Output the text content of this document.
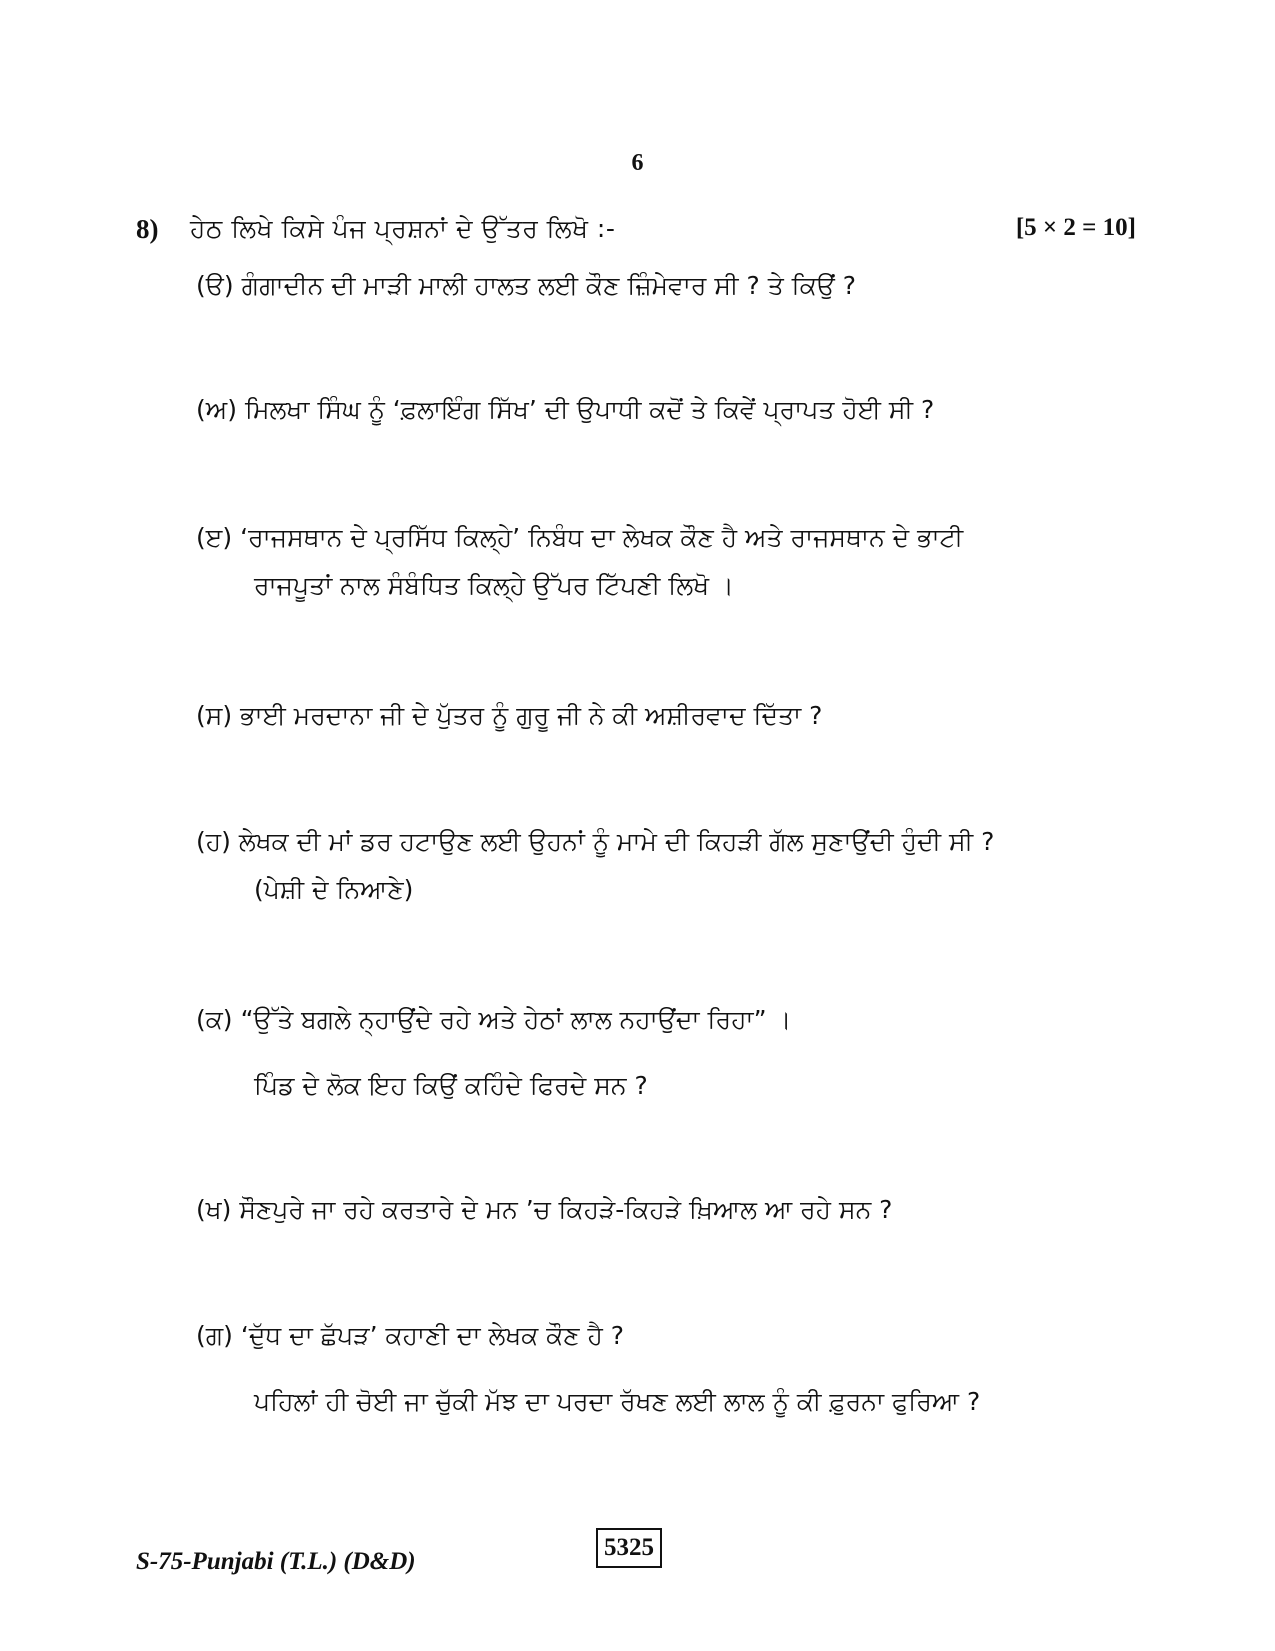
6
8) ਹੇਠ ਲਿਖੇ ਕਿਸੇ ਪੰਜ ਪ੍ਰਸ਼ਨਾਂ ਦੇ ਉੱਤਰ ਲਿਖੋ :-	[5 × 2 = 10]
(ੳ) ਗੰਗਾਦੀਨ ਦੀ ਮਾੜੀ ਮਾਲੀ ਹਾਲਤ ਲਈ ਕੌਣ ਜ਼ਿੰਮੇਵਾਰ ਸੀ ? ਤੇ ਕਿਉਂ ?
(ਅ) ਮਿਲਖਾ ਸਿੰਘ ਨੂੰ ‘ਫ਼ਲਾਇੰਗ ਸਿੱਖ’ ਦੀ ਉਪਾਧੀ ਕਦੋਂ ਤੇ ਕਿਵੇਂ ਪ੍ਰਾਪਤ ਹੋਈ ਸੀ ?
(ੲ) ‘ਰਾਜਸਥਾਨ ਦੇ ਪ੍ਰਸਿੱਧ ਕਿਲ੍ਹੇ’ ਨਿਬੰਧ ਦਾ ਲੇਖਕ ਕੌਣ ਹੈ ਅਤੇ ਰਾਜਸਥਾਨ ਦੇ ਭਾਟੀ
ਰਾਜਪੂਤਾਂ ਨਾਲ ਸੰਬੰਧਿਤ ਕਿਲ੍ਹੇ ਉੱਪਰ ਟਿੱਪਣੀ ਲਿਖੋ ।
(ਸ) ਭਾਈ ਮਰਦਾਨਾ ਜੀ ਦੇ ਪੁੱਤਰ ਨੂੰ ਗੁਰੂ ਜੀ ਨੇ ਕੀ ਅਸ਼ੀਰਵਾਦ ਦਿੱਤਾ ?
(ਹ) ਲੇਖਕ ਦੀ ਮਾਂ ਡਰ ਹਟਾਉਣ ਲਈ ਉਹਨਾਂ ਨੂੰ ਮਾਮੇ ਦੀ ਕਿਹੜੀ ਗੱਲ ਸੁਣਾਉਂਦੀ ਹੁੰਦੀ ਸੀ ?
(ਪੇਸ਼ੀ ਦੇ ਨਿਆਣੇ)
(ਕ) “ਉੱਤੇ ਬਗਲੇ ਨ੍ਹਾਉਂਦੇ ਰਹੇ ਅਤੇ ਹੇਠਾਂ ਲਾਲ ਨਹਾਉਂਦਾ ਰਿਹਾ” ।
ਪਿੰਡ ਦੇ ਲੋਕ ਇਹ ਕਿਉਂ ਕਹਿੰਦੇ ਫਿਰਦੇ ਸਨ ?
(ਖ) ਸੌਣਪੁਰੇ ਜਾ ਰਹੇ ਕਰਤਾਰੇ ਦੇ ਮਨ ’ਚ ਕਿਹੜੇ-ਕਿਹੜੇ ਖ਼ਿਆਲ ਆ ਰਹੇ ਸਨ ?
(ਗ) ‘ਦੁੱਧ ਦਾ ਛੱਪੜ’ ਕਹਾਣੀ ਦਾ ਲੇਖਕ ਕੌਣ ਹੈ ?
ਪਹਿਲਾਂ ਹੀ ਚੋਈ ਜਾ ਚੁੱਕੀ ਮੱਝ ਦਾ ਪਰਦਾ ਰੱਖਣ ਲਈ ਲਾਲ ਨੂੰ ਕੀ ਫ਼ੁਰਨਾ ਫੁਰਿਆ ?
S-75-Punjabi (T.L.) (D&D)
5325
